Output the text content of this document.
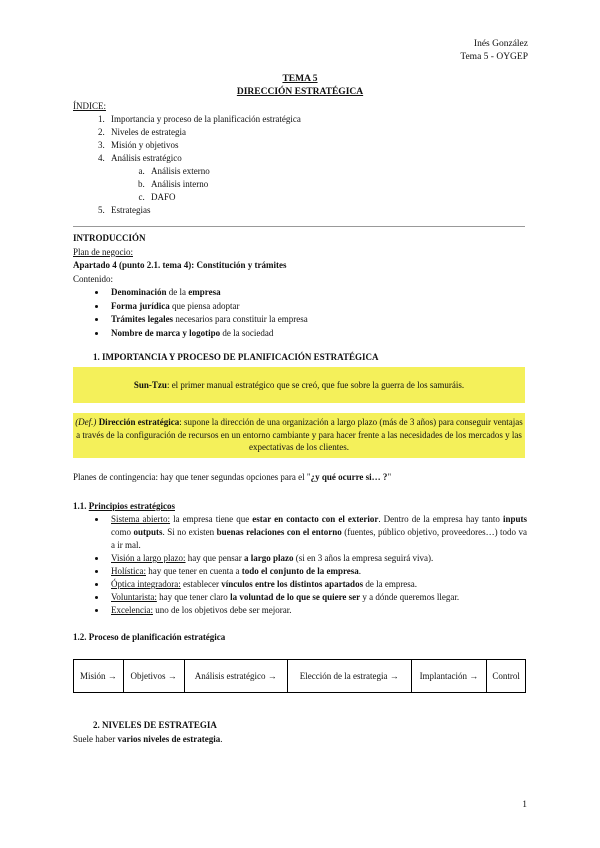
Inés González
Tema 5 - OYGEP
TEMA 5
DIRECCIÓN ESTRATÉGICA
ÍNDICE:
1. Importancia y proceso de la planificación estratégica
2. Niveles de estrategia
3. Misión y objetivos
4. Análisis estratégico
a. Análisis externo
b. Análisis interno
c. DAFO
5. Estrategias
INTRODUCCIÓN
Plan de negocio:
Apartado 4 (punto 2.1. tema 4): Constitución y trámites
Contenido:
• Denominación de la empresa
• Forma jurídica que piensa adoptar
• Trámites legales necesarios para constituir la empresa
• Nombre de marca y logotipo de la sociedad
1. IMPORTANCIA Y PROCESO DE PLANIFICACIÓN ESTRATÉGICA
Sun-Tzu: el primer manual estratégico que se creó, que fue sobre la guerra de los samuráis.
(Def.) Dirección estratégica: supone la dirección de una organización a largo plazo (más de 3 años) para conseguir ventajas a través de la configuración de recursos en un entorno cambiante y para hacer frente a las necesidades de los mercados y las expectativas de los clientes.
Planes de contingencia: hay que tener segundas opciones para el "¿y qué ocurre si… ?"
1.1. Principios estratégicos
• Sistema abierto: la empresa tiene que estar en contacto con el exterior. Dentro de la empresa hay tanto inputs como outputs. Si no existen buenas relaciones con el entorno (fuentes, público objetivo, proveedores…) todo va a ir mal.
• Visión a largo plazo: hay que pensar a largo plazo (si en 3 años la empresa seguirá viva).
• Holística: hay que tener en cuenta a todo el conjunto de la empresa.
• Óptica integradora: establecer vínculos entre los distintos apartados de la empresa.
• Voluntarista: hay que tener claro la voluntad de lo que se quiere ser y a dónde queremos llegar.
• Excelencia: uno de los objetivos debe ser mejorar.
1.2. Proceso de planificación estratégica
Misión →	Objetivos →	Análisis estratégico →	Elección de la estrategia →	Implantación →	Control
2. NIVELES DE ESTRATEGIA
Suele haber varios niveles de estrategia.
1
